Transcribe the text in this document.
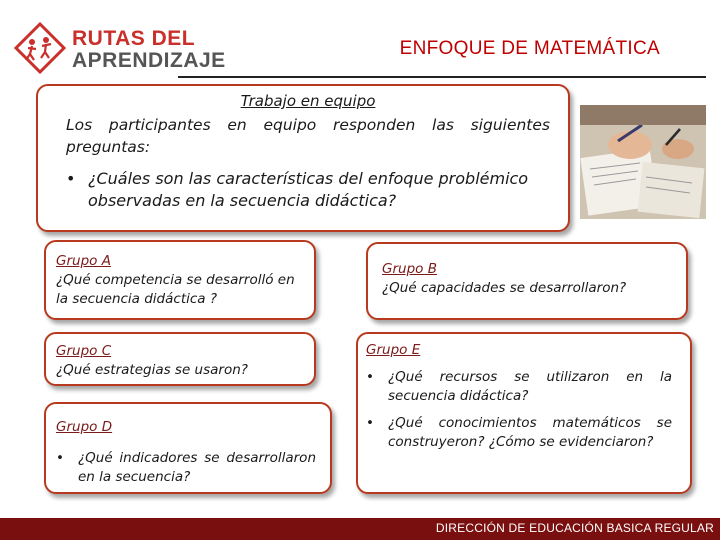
RUTAS DEL
APRENDIZAJE
ENFOQUE DE MATEMÁTICA
Trabajo en equipo
Los participantes en equipo responden las siguientes preguntas:
• ¿Cuáles son las características del enfoque problémico observadas en la secuencia didáctica?
Grupo A
¿Qué competencia se desarrolló en la secuencia didáctica ?
Grupo B
¿Qué capacidades se desarrollaron?
Grupo C
¿Qué estrategias se usaron?
Grupo D
•	¿Qué indicadores se desarrollaron en la secuencia?
Grupo E
•	¿Qué recursos se utilizaron en la secuencia didáctica?
•	¿Qué conocimientos matemáticos se construyeron? ¿Cómo se evidenciaron?
DIRECCIÓN DE EDUCACIÓN BASICA REGULAR
